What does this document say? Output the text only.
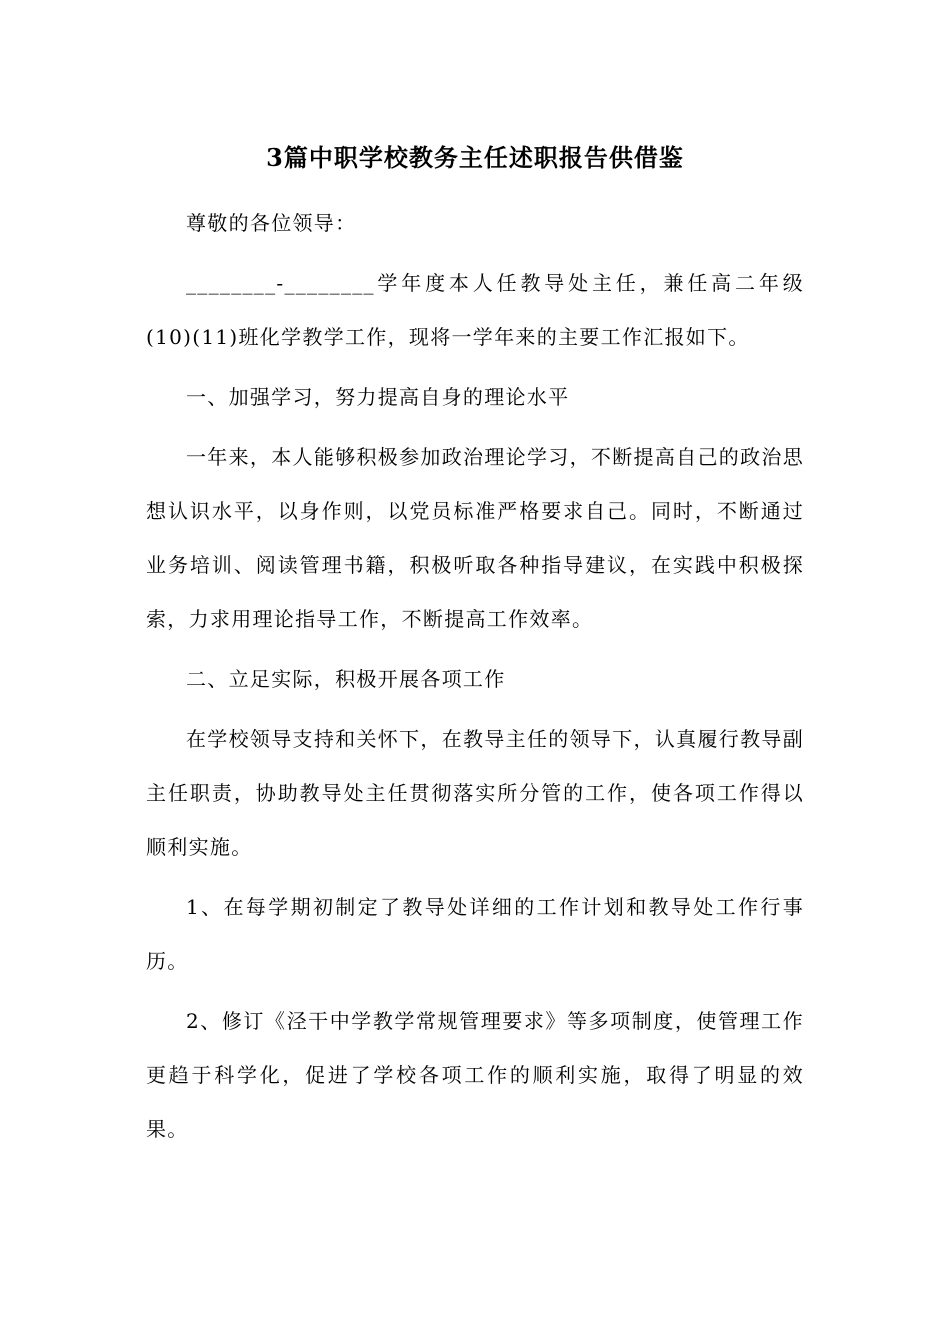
3篇中职学校教务主任述职报告供借鉴

尊敬的各位领导：

________-________学年度本人任教导处主任，兼任高二年级(10)(11)班化学教学工作，现将一学年来的主要工作汇报如下。

一、加强学习，努力提高自身的理论水平

一年来，本人能够积极参加政治理论学习，不断提高自己的政治思想认识水平，以身作则，以党员标准严格要求自己。同时，不断通过业务培训、阅读管理书籍，积极听取各种指导建议，在实践中积极探索，力求用理论指导工作，不断提高工作效率。

二、立足实际，积极开展各项工作

在学校领导支持和关怀下，在教导主任的领导下，认真履行教导副主任职责，协助教导处主任贯彻落实所分管的工作，使各项工作得以顺利实施。

1、在每学期初制定了教导处详细的工作计划和教导处工作行事历。

2、修订《泾干中学教学常规管理要求》等多项制度，使管理工作更趋于科学化，促进了学校各项工作的顺利实施，取得了明显的效果。
